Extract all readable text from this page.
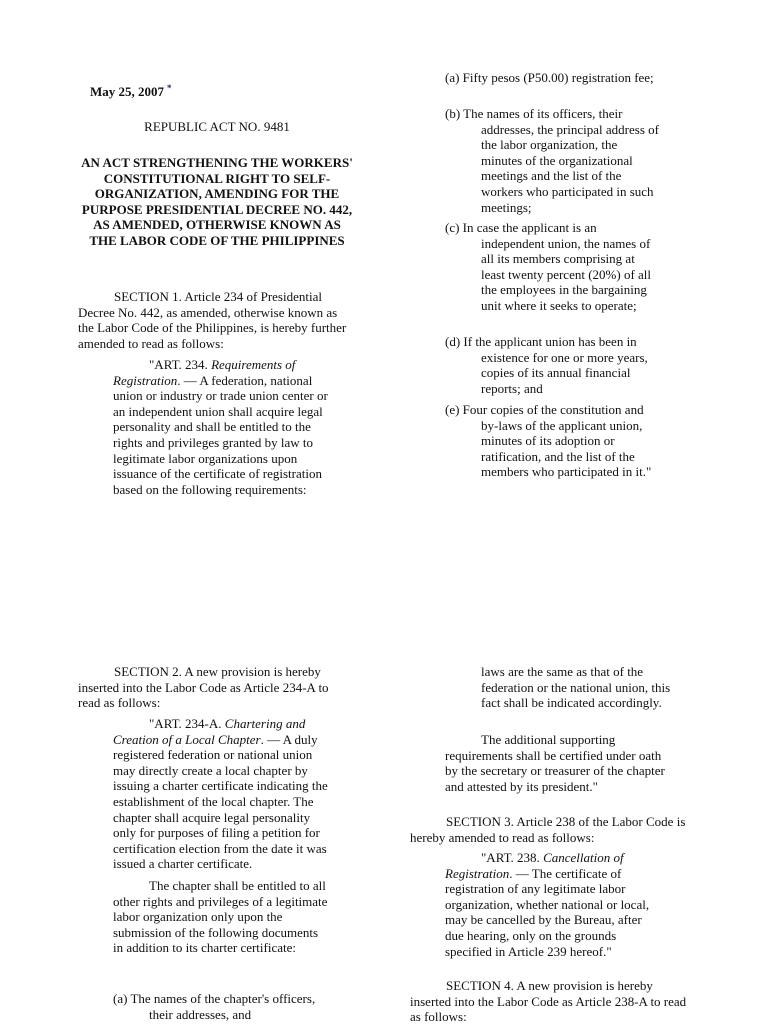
May 25, 2007 *
REPUBLIC ACT NO. 9481
AN ACT STRENGTHENING THE WORKERS' CONSTITUTIONAL RIGHT TO SELF-ORGANIZATION, AMENDING FOR THE PURPOSE PRESIDENTIAL DECREE NO. 442, AS AMENDED, OTHERWISE KNOWN AS THE LABOR CODE OF THE PHILIPPINES

SECTION 1. Article 234 of Presidential Decree No. 442, as amended, otherwise known as the Labor Code of the Philippines, is hereby further amended to read as follows:

"ART. 234. Requirements of Registration. — A federation, national union or industry or trade union center or an independent union shall acquire legal personality and shall be entitled to the rights and privileges granted by law to legitimate labor organizations upon issuance of the certificate of registration based on the following requirements:

(a) Fifty pesos (P50.00) registration fee;

(b) The names of its officers, their addresses, the principal address of the labor organization, the minutes of the organizational meetings and the list of the workers who participated in such meetings;

(c) In case the applicant is an independent union, the names of all its members comprising at least twenty percent (20%) of all the employees in the bargaining unit where it seeks to operate;

(d) If the applicant union has been in existence for one or more years, copies of its annual financial reports; and

(e) Four copies of the constitution and by-laws of the applicant union, minutes of its adoption or ratification, and the list of the members who participated in it."

SECTION 2. A new provision is hereby inserted into the Labor Code as Article 234-A to read as follows:

"ART. 234-A. Chartering and Creation of a Local Chapter. — A duly registered federation or national union may directly create a local chapter by issuing a charter certificate indicating the establishment of the local chapter. The chapter shall acquire legal personality only for purposes of filing a petition for certification election from the date it was issued a charter certificate.

The chapter shall be entitled to all other rights and privileges of a legitimate labor organization only upon the submission of the following documents in addition to its charter certificate:

(a) The names of the chapter's officers, their addresses, and

laws are the same as that of the federation or the national union, this fact shall be indicated accordingly.

The additional supporting requirements shall be certified under oath by the secretary or treasurer of the chapter and attested by its president."

SECTION 3. Article 238 of the Labor Code is hereby amended to read as follows:

"ART. 238. Cancellation of Registration. — The certificate of registration of any legitimate labor organization, whether national or local, may be cancelled by the Bureau, after due hearing, only on the grounds specified in Article 239 hereof."

SECTION 4. A new provision is hereby inserted into the Labor Code as Article 238-A to read as follows:
